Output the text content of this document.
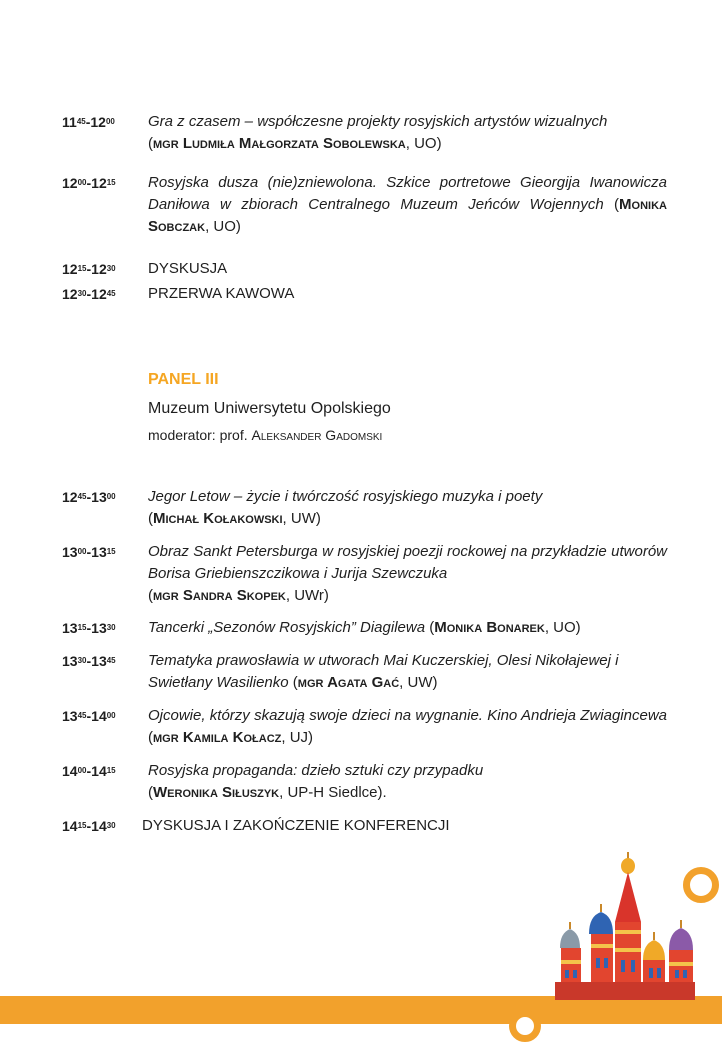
$11^{45}-12^{00}$	Gra z czasem – współczesne projekty rosyjskich artystów wizualnych
(mgr Ludmiła Małgorzata Sobolewska, UO)
$12^{00}-12^{15}$	Rosyjska dusza (nie)zniewolona. Szkice portretowe Gieorgija Iwanowicza Daniłowa w zbiorach Centralnego Muzeum Jeńców Wojennych (Monika Sobczak, UO)
$12^{15}-12^{30}$	DYSKUSJA
$12^{30}-12^{45}$	PRZERWA KAWOWA
PANEL III
Muzeum Uniwersytetu Opolskiego
moderator: prof. Aleksander Gadomski
$12^{45}-13^{00}$	Jegor Letow – życie i twórczość rosyjskiego muzyka i poety
(Michał Kołakowski, UW)
$13^{00}-13^{15}$	Obraz Sankt Petersburga w rosyjskiej poezji rockowej na przykładzie utworów Borisa Griebienszczikowa i Jurija Szewczuka
(mgr Sandra Skopek, UWr)
$13^{15}-13^{30}$	Tancerki „Sezonów Rosyjskich” Diagilewa (Monika Bonarek, UO)
$13^{30}-13^{45}$	Tematyka prawosławia w utworach Mai Kuczerskiej, Olesi Nikołajewej i Swietłany Wasilienko (mgr Agata Gać, UW)
$13^{45}-14^{00}$	Ojcowie, którzy skazują swoje dzieci na wygnanie. Kino Andrieja Zwiagincewa (mgr Kamila Kołacz, UJ)
$14^{00}-14^{15}$	Rosyjska propaganda: dzieło sztuki czy przypadku
(Weronika Siłuszyk, UP-H Siedlce).
$14^{15}-14^{30}$	DYSKUSJA I ZAKOŃCZENIE KONFERENCJI
